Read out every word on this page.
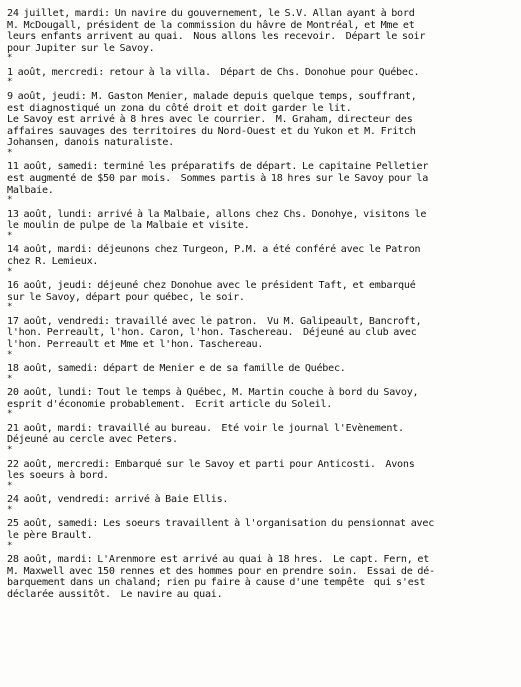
24 juillet, mardi: Un navire du gouvernement, le S.V. Allan ayant à bord
M. McDougall, président de la commission du hâvre de Montréal, et Mme et
leurs enfants arrivent au quai.  Nous allons les recevoir.  Départ le soir
pour Jupiter sur le Savoy.
*
1 août, mercredi: retour à la villa.  Départ de Chs. Donohue pour Québec.
*
9 août, jeudi: M. Gaston Menier, malade depuis quelque temps, souffrant,
est diagnostiqué un zona du côté droit et doit garder le lit.
Le Savoy est arrivé à 8 hres avec le courrier.  M. Graham, directeur des
affaires sauvages des territoires du Nord-Ouest et du Yukon et M. Fritch
Johansen, danois naturaliste.
*
11 août, samedi: terminé les préparatifs de départ. Le capitaine Pelletier
est augmenté de $50 par mois.  Sommes partis à 18 hres sur le Savoy pour la
Malbaie.
*
13 août, lundi: arrivé à la Malbaie, allons chez Chs. Donohye, visitons le
le moulin de pulpe de la Malbaie et visite.
*
14 août, mardi: déjeunons chez Turgeon, P.M. a été conféré avec le Patron
chez R. Lemieux.
*
16 août, jeudi: déjeuné chez Donohue avec le président Taft, et embarqué
sur le Savoy, départ pour québec, le soir.
*
17 août, vendredi: travaillé avec le patron.  Vu M. Galipeault, Bancroft,
l'hon. Perreault, l'hon. Caron, l'hon. Taschereau.  Déjeuné au club avec
l'hon. Perreault et Mme et l'hon. Taschereau.
*
18 août, samedi: départ de Menier e de sa famille de Québec.
*
20 août, lundi: Tout le temps à Québec, M. Martin couche à bord du Savoy,
esprit d'économie probablement.  Ecrit article du Soleil.
*
21 août, mardi: travaillé au bureau.  Eté voir le journal l'Evènement.
Déjeuné au cercle avec Peters.
*
22 août, mercredi: Embarqué sur le Savoy et parti pour Anticosti.  Avons
les soeurs à bord.
*
24 août, vendredi: arrivé à Baie Ellis.
*
25 août, samedi: Les soeurs travaillent à l'organisation du pensionnat avec
le père Brault.
*
28 août, mardi: L'Arenmore est arrivé au quai à 18 hres.  Le capt. Fern, et
M. Maxwell avec 150 rennes et des hommes pour en prendre soin.  Essai de dé-
barquement dans un chaland; rien pu faire à cause d'une tempête  qui s'est
déclarée aussitôt.  Le navire au quai.
